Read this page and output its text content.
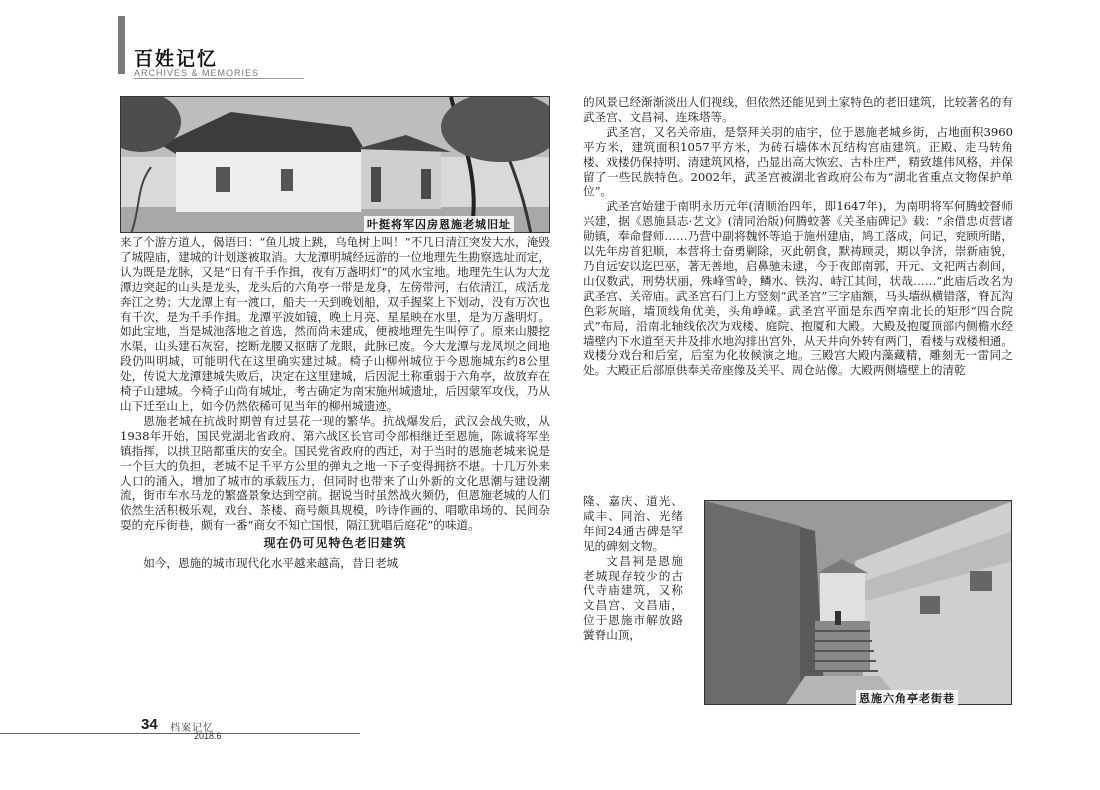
百姓记忆
ARCHIVES & MEMORIES
叶挺将军囚房恩施老城旧址

来了个游方道人，偈语曰：“鱼儿坡上跳，乌龟树上叫！”不几日清江突发大水，淹毁了城隍庙，建城的计划遂被取消。大龙潭明城经远游的一位地理先生勘察选址而定，认为既是龙脉，又是“日有千手作揖，夜有万盏明灯”的风水宝地。地理先生认为大龙潭边突起的山头是龙头，龙头后的六角亭一带是龙身，左傍带河，右依清江，成活龙奔江之势；大龙潭上有一渡口，船夫一天到晚划船，双手握桨上下划动，没有万次也有千次，是为千手作揖。龙潭平波如镜，晚上月亮、星星映在水里，是为万盏明灯。如此宝地，当是城池落地之首选，然而尚未建成，便被地理先生叫停了。原来山腰挖水渠，山头建石灰窑，挖断龙腰又抠瞎了龙眼，此脉已废。今大龙潭与龙凤坝之间地段仍叫明城，可能明代在这里确实建过城。椅子山柳州城位于今恩施城东约8公里处，传说大龙潭建城失败后，决定在这里建城，后因泥土称重弱于六角亭，故放弃在椅子山建城。今椅子山尚有城址，考古确定为南宋施州城遗址，后因蒙军攻伐，乃从山下迁至山上，如今仍然依稀可见当年的柳州城遗迹。

恩施老城在抗战时期曾有过昙花一现的繁华。抗战爆发后，武汉会战失败，从1938年开始，国民党湖北省政府、第六战区长官司令部相继迁至恩施，陈诚将军坐镇指挥，以拱卫陪都重庆的安全。国民党省政府的西迁，对于当时的恩施老城来说是一个巨大的负担，老城不足千平方公里的弹丸之地一下子变得拥挤不堪。十几万外来人口的涌入，增加了城市的承载压力，但同时也带来了山外新的文化思潮与建设潮流，街市车水马龙的繁盛景象达到空前。据说当时虽然战火频仍，但恩施老城的人们依然生活积极乐观，戏台、茶楼、商号颇具规模，吟诗作画的、唱歌串场的、民间杂耍的充斥街巷，颇有一番“商女不知亡国恨，隔江犹唱后庭花”的味道。

现在仍可见特色老旧建筑

如今，恩施的城市现代化水平越来越高，昔日老城

的风景已经渐渐淡出人们视线，但依然还能见到土家特色的老旧建筑，比较著名的有武圣宫、文昌祠、连珠塔等。

武圣宫，又名关帝庙，是祭拜关羽的庙宇，位于恩施老城乡街，占地面积3960平方米，建筑面积1057平方米，为砖石墙体木瓦结构宫庙建筑。正殿、走马转角楼、戏楼仍保持明、清建筑风格，凸显出高大恢宏、古朴庄严，精致雄伟风格，并保留了一些民族特色。2002年，武圣宫被湖北省政府公布为“湖北省重点文物保护单位”。

武圣宫始建于南明永历元年(清顺治四年，即1647年)，为南明将军何腾蛟督师兴建，据《恩施县志·艺文》(清同治版)何腾蛟著《关圣庙碑记》载：“余借忠贞营诸勋镇，奉命督师……乃营中副将魏怀等追于施州建庙，鸠工落成，问记，兖顾所睹，以先年房首犯顺，本营将士奋勇剿除，灭此朝食，默祷顾灵，期以争济，崇新庙貌，乃自远安以迄巴巫，著无善地，启鼻驰未逮，今于夜郎南郭，开元、文祀两古刹间，山仅数武，刑势状丽，殊峰雪岭，鳞水、铁沟、峙江其间，状哉……”此庙后改名为武圣宫、关帝庙。武圣宫石门上方竖刻“武圣宫”三字庙额，马头墙纵横错落，脊瓦沟色彩灰暗，墙顶线角优美，头角峥嵘。武圣宫平面是东西窄南北长的矩形“四合院式”布局，沿南北轴线依次为戏楼、庭院、抱厦和大殿。大殿及抱厦顶部内侧檐水经墙壁内下水道至天井及排水地沟排出宫外，从天井向外转有两门，看楼与戏楼相通。戏楼分戏台和后室，后室为化妆候演之地。三殿宫大殿内藻藏精，雕刻无一雷同之处。大殿正后部原供奉关帝座像及关平、周仓站像。大殿两侧墙壁上的清乾

隆、嘉庆、道光、咸丰、同治、光绪年间24通古碑是罕见的碑刻文物。

文昌祠是恩施老城现存较少的古代寺庙建筑，又称文昌宫、文昌庙，位于恩施市解放路黉脊山顶，

恩施六角亭老街巷
34 档案记忆
2018.6
